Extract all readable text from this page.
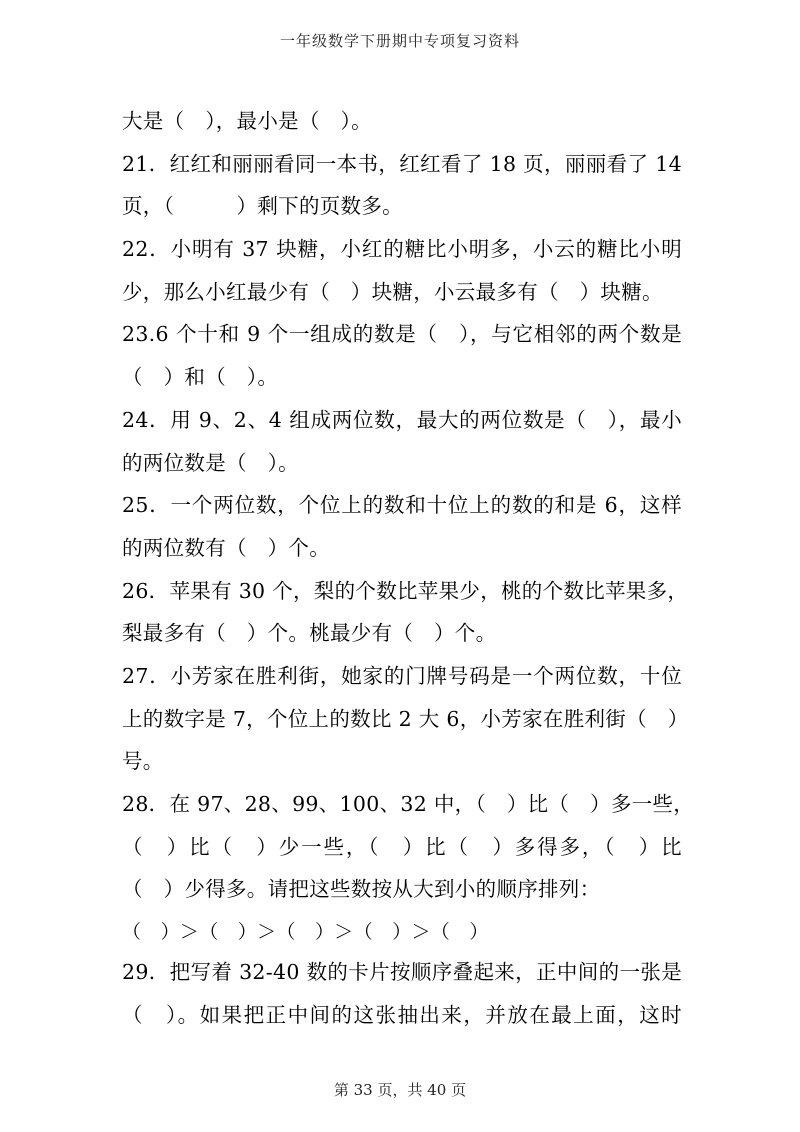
一年级数学下册期中专项复习资料
大是（　），最小是（　）。
21．红红和丽丽看同一本书，红红看了 18 页，丽丽看了 14
页，（　　　）剩下的页数多。
22．小明有 37 块糖，小红的糖比小明多，小云的糖比小明
少，那么小红最少有（　）块糖，小云最多有（　）块糖。
23.6 个十和 9 个一组成的数是（　），与它相邻的两个数是
（　）和（　）。
24．用 9、2、4 组成两位数，最大的两位数是（　），最小
的两位数是（　）。
25．一个两位数，个位上的数和十位上的数的和是 6，这样
的两位数有（　）个。
26．苹果有 30 个，梨的个数比苹果少，桃的个数比苹果多，
梨最多有（　）个。桃最少有（　）个。
27．小芳家在胜利街，她家的门牌号码是一个两位数，十位
上的数字是 7，个位上的数比 2 大 6，小芳家在胜利街（　）
号。
28．在 97、28、99、100、32 中，（　）比（　）多一些，
（　）比（　）少一些，（　）比（　）多得多，（　）比
（　）少得多。请把这些数按从大到小的顺序排列：
（　）＞（　）＞（　）＞（　）＞（　）
29．把写着 32-40 数的卡片按顺序叠起来，正中间的一张是
（　）。如果把正中间的这张抽出来，并放在最上面，这时
第 33 页，共 40 页
